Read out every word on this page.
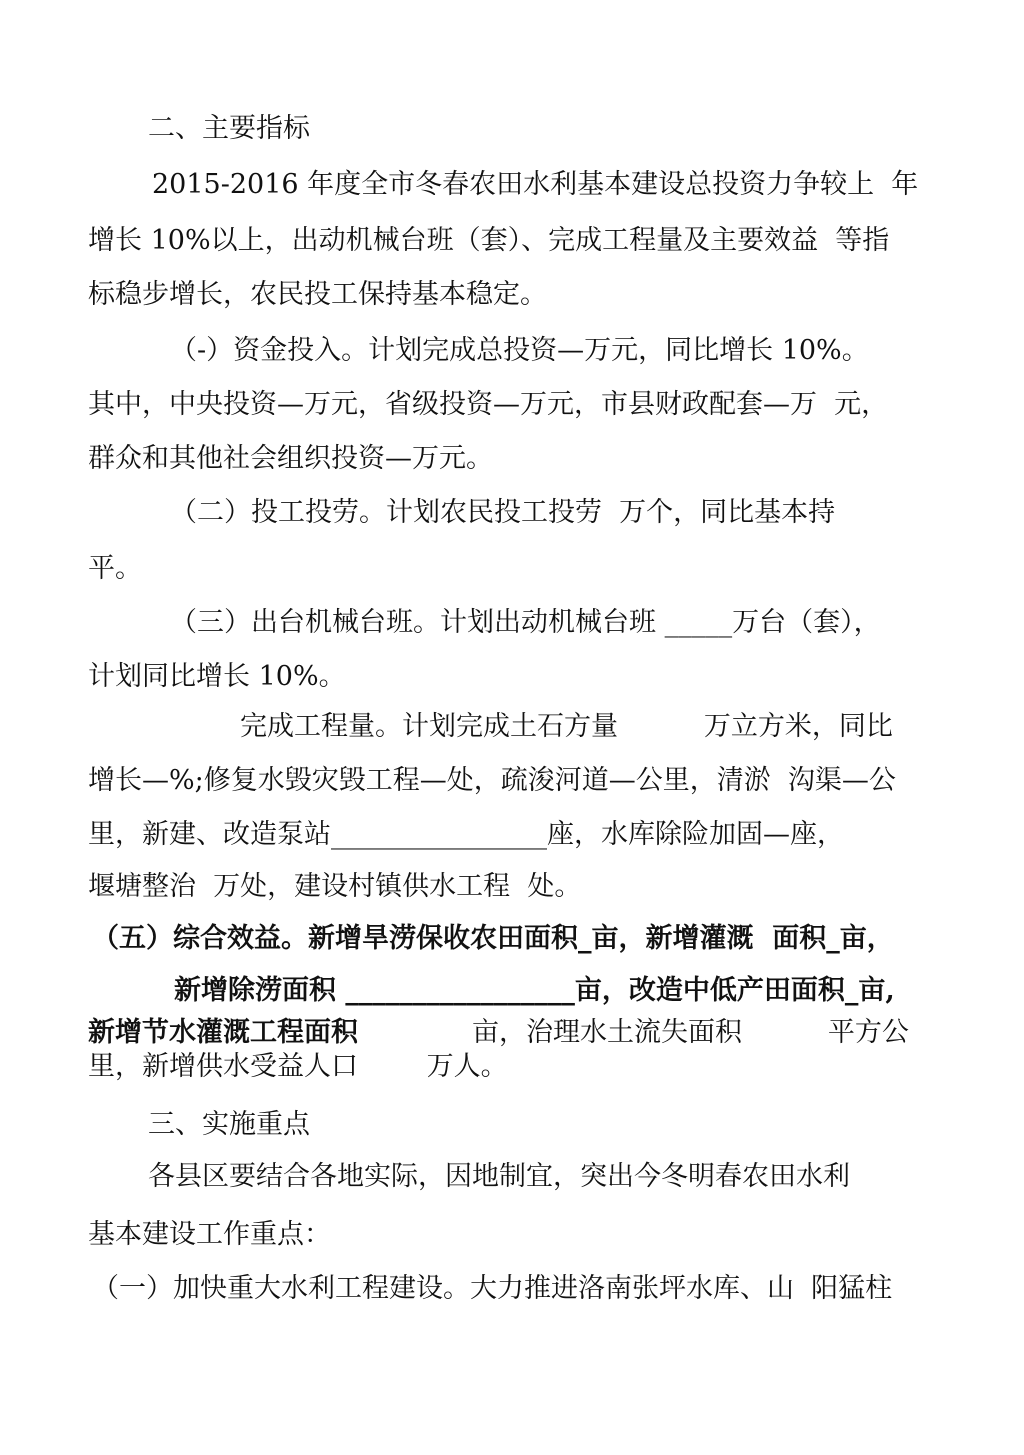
二、主要指标

2015-2016 年度全市冬春农田水利基本建设总投资力争较上  年

增长 10%以上，出动机械台班（套）、完成工程量及主要效益  等指

标稳步增长，农民投工保持基本稳定。

（-）资金投入。计划完成总投资—万元，同比增长 10%。

其中，中央投资—万元，省级投资—万元，市县财政配套—万  元，

群众和其他社会组织投资—万元。

（二）投工投劳。计划农民投工投劳  万个，同比基本持

平。

（三）出台机械台班。计划出动机械台班 _____万台（套），

计划同比增长 10%。

完成工程量。计划完成土石方量          万立方米，同比

增长—%;修复水毁灾毁工程—处，疏浚河道—公里，清淤  沟渠—公

里，新建、改造泵站________________座，水库除险加固—座，

堰塘整治  万处，建设村镇供水工程  处。

（五）综合效益。新增旱涝保收农田面积_亩，新增灌溉  面积_亩，

新增除涝面积 _________________亩，改造中低产田面积_亩,

新增节水灌溉工程面积	亩，治理水土流失面积          平方公

里，新增供水受益人口        万人。

三、实施重点

各县区要结合各地实际，因地制宜，突出今冬明春农田水利

基本建设工作重点：

（一）加快重大水利工程建设。大力推进洛南张坪水库、山  阳猛柱
